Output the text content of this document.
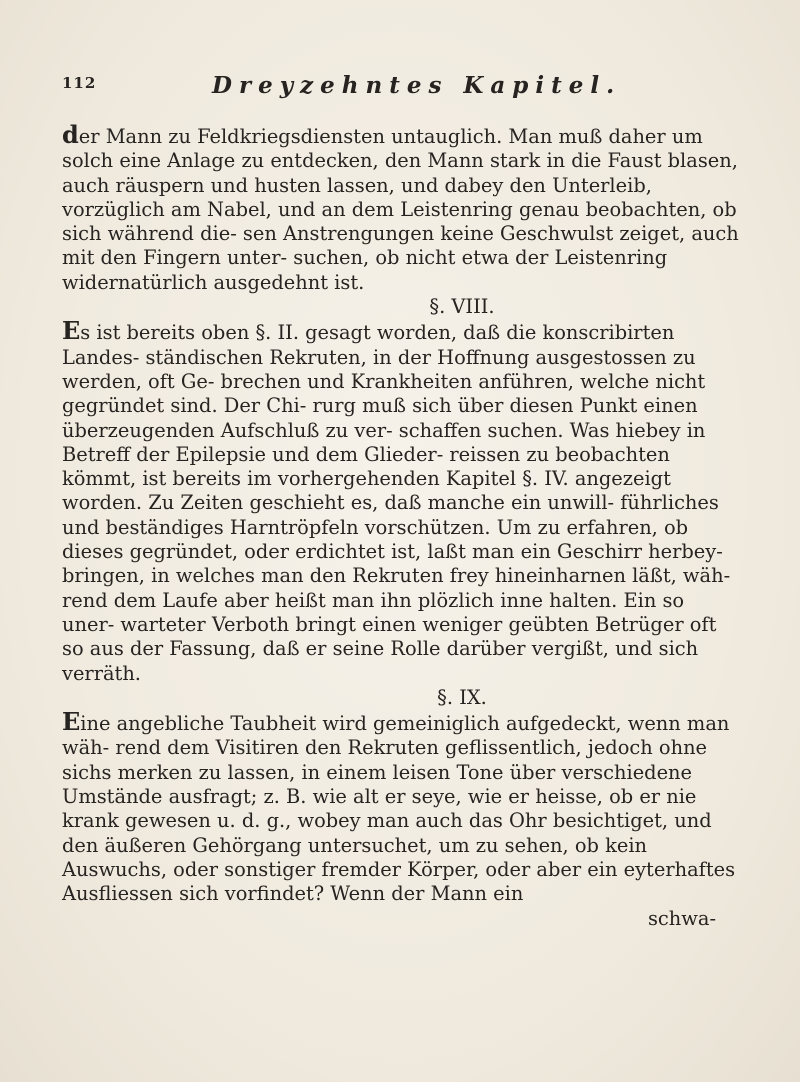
112	Dreyzehntes Kapitel.

der Mann zu Feldkriegsdiensten untauglich. Man muß daher um solch eine Anlage zu entdecken, den Mann stark in die Faust blasen, auch räuspern und husten lassen, und dabey den Unterleib, vorzüglich am Nabel, und an dem Leistenring genau beobachten, ob sich während die- sen Anstrengungen keine Geschwulst zeiget, auch mit den Fingern unter- suchen, ob nicht etwa der Leistenring widernatürlich ausgedehnt ist.

§. VIII.

Es ist bereits oben §. II. gesagt worden, daß die konscribirten Landes- ständischen Rekruten, in der Hoffnung ausgestossen zu werden, oft Ge- brechen und Krankheiten anführen, welche nicht gegründet sind. Der Chi- rurg muß sich über diesen Punkt einen überzeugenden Aufschluß zu ver- schaffen suchen. Was hiebey in Betreff der Epilepsie und dem Glieder- reissen zu beobachten kömmt, ist bereits im vorhergehenden Kapitel §. IV. angezeigt worden. Zu Zeiten geschieht es, daß manche ein unwill- führliches und beständiges Harntröpfeln vorschützen. Um zu erfahren, ob dieses gegründet, oder erdichtet ist, laßt man ein Geschirr herbey- bringen, in welches man den Rekruten frey hineinharnen läßt, wäh- rend dem Laufe aber heißt man ihn plözlich inne halten. Ein so uner- warteter Verboth bringt einen weniger geübten Betrüger oft so aus der Fassung, daß er seine Rolle darüber vergißt, und sich verräth.

§. IX.

Eine angebliche Taubheit wird gemeiniglich aufgedeckt, wenn man wäh- rend dem Visitiren den Rekruten geflissentlich, jedoch ohne sichs merken zu lassen, in einem leisen Tone über verschiedene Umstände ausfragt; z. B. wie alt er seye, wie er heisse, ob er nie krank gewesen u. d. g., wobey man auch das Ohr besichtiget, und den äußeren Gehörgang untersuchet, um zu sehen, ob kein Auswuchs, oder sonstiger fremder Körper, oder aber ein eyterhaftes Ausfliessen sich vorfindet? Wenn der Mann ein

schwa-
